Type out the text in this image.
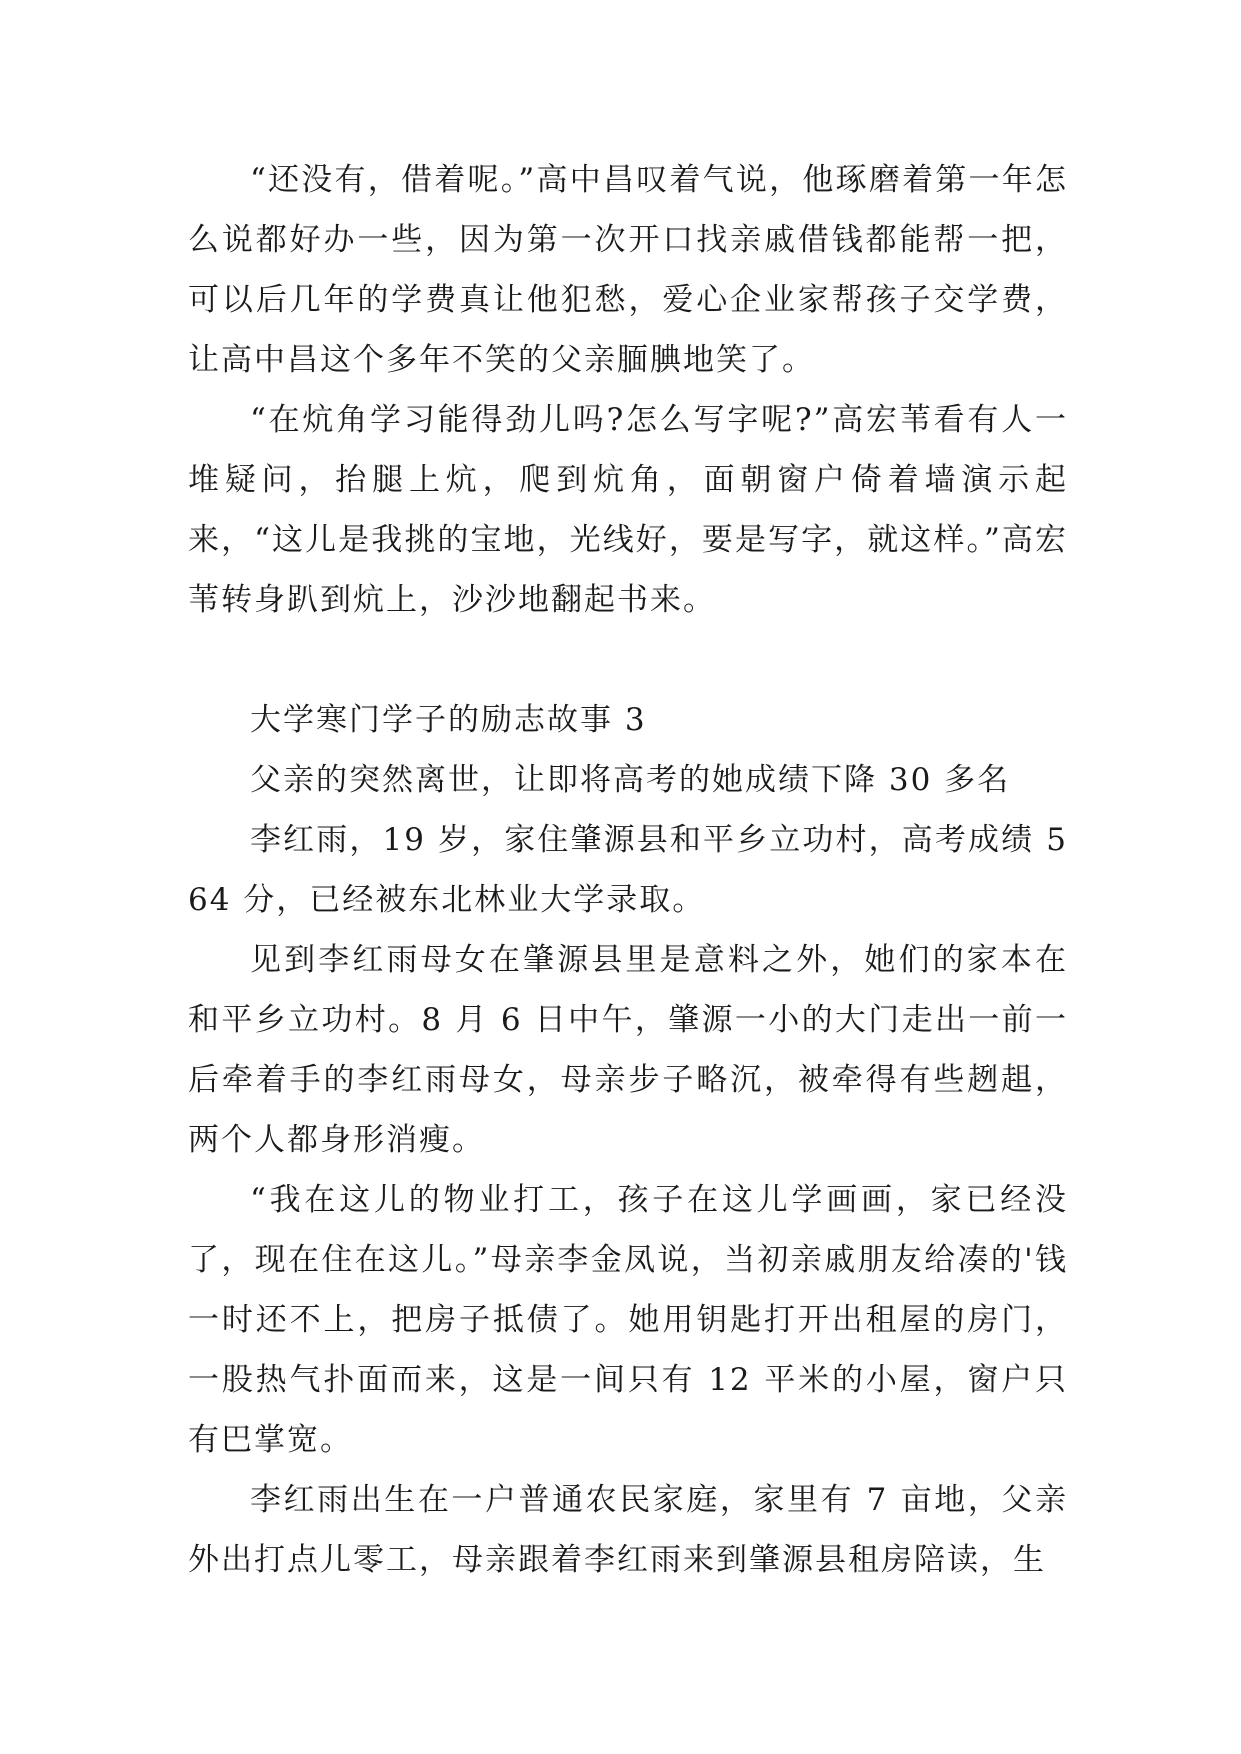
“还没有，借着呢。”高中昌叹着气说，他琢磨着第一年怎么说都好办一些，因为第一次开口找亲戚借钱都能帮一把，可以后几年的学费真让他犯愁，爱心企业家帮孩子交学费，让高中昌这个多年不笑的父亲腼腆地笑了。

“在炕角学习能得劲儿吗?怎么写字呢?”高宏苇看有人一堆疑问，抬腿上炕，爬到炕角，面朝窗户倚着墙演示起来，“这儿是我挑的宝地，光线好，要是写字，就这样。”高宏苇转身趴到炕上，沙沙地翻起书来。

大学寒门学子的励志故事 3

父亲的突然离世，让即将高考的她成绩下降 30 多名

李红雨，19 岁，家住肇源县和平乡立功村，高考成绩 564 分，已经被东北林业大学录取。

见到李红雨母女在肇源县里是意料之外，她们的家本在和平乡立功村。8 月 6 日中午，肇源一小的大门走出一前一后牵着手的李红雨母女，母亲步子略沉，被牵得有些趔趄，两个人都身形消瘦。

“我在这儿的物业打工，孩子在这儿学画画，家已经没了，现在住在这儿。”母亲李金凤说，当初亲戚朋友给凑的'钱一时还不上，把房子抵债了。她用钥匙打开出租屋的房门，一股热气扑面而来，这是一间只有 12 平米的小屋，窗户只有巴掌宽。

李红雨出生在一户普通农民家庭，家里有 7 亩地，父亲外出打点儿零工，母亲跟着李红雨来到肇源县租房陪读，生
